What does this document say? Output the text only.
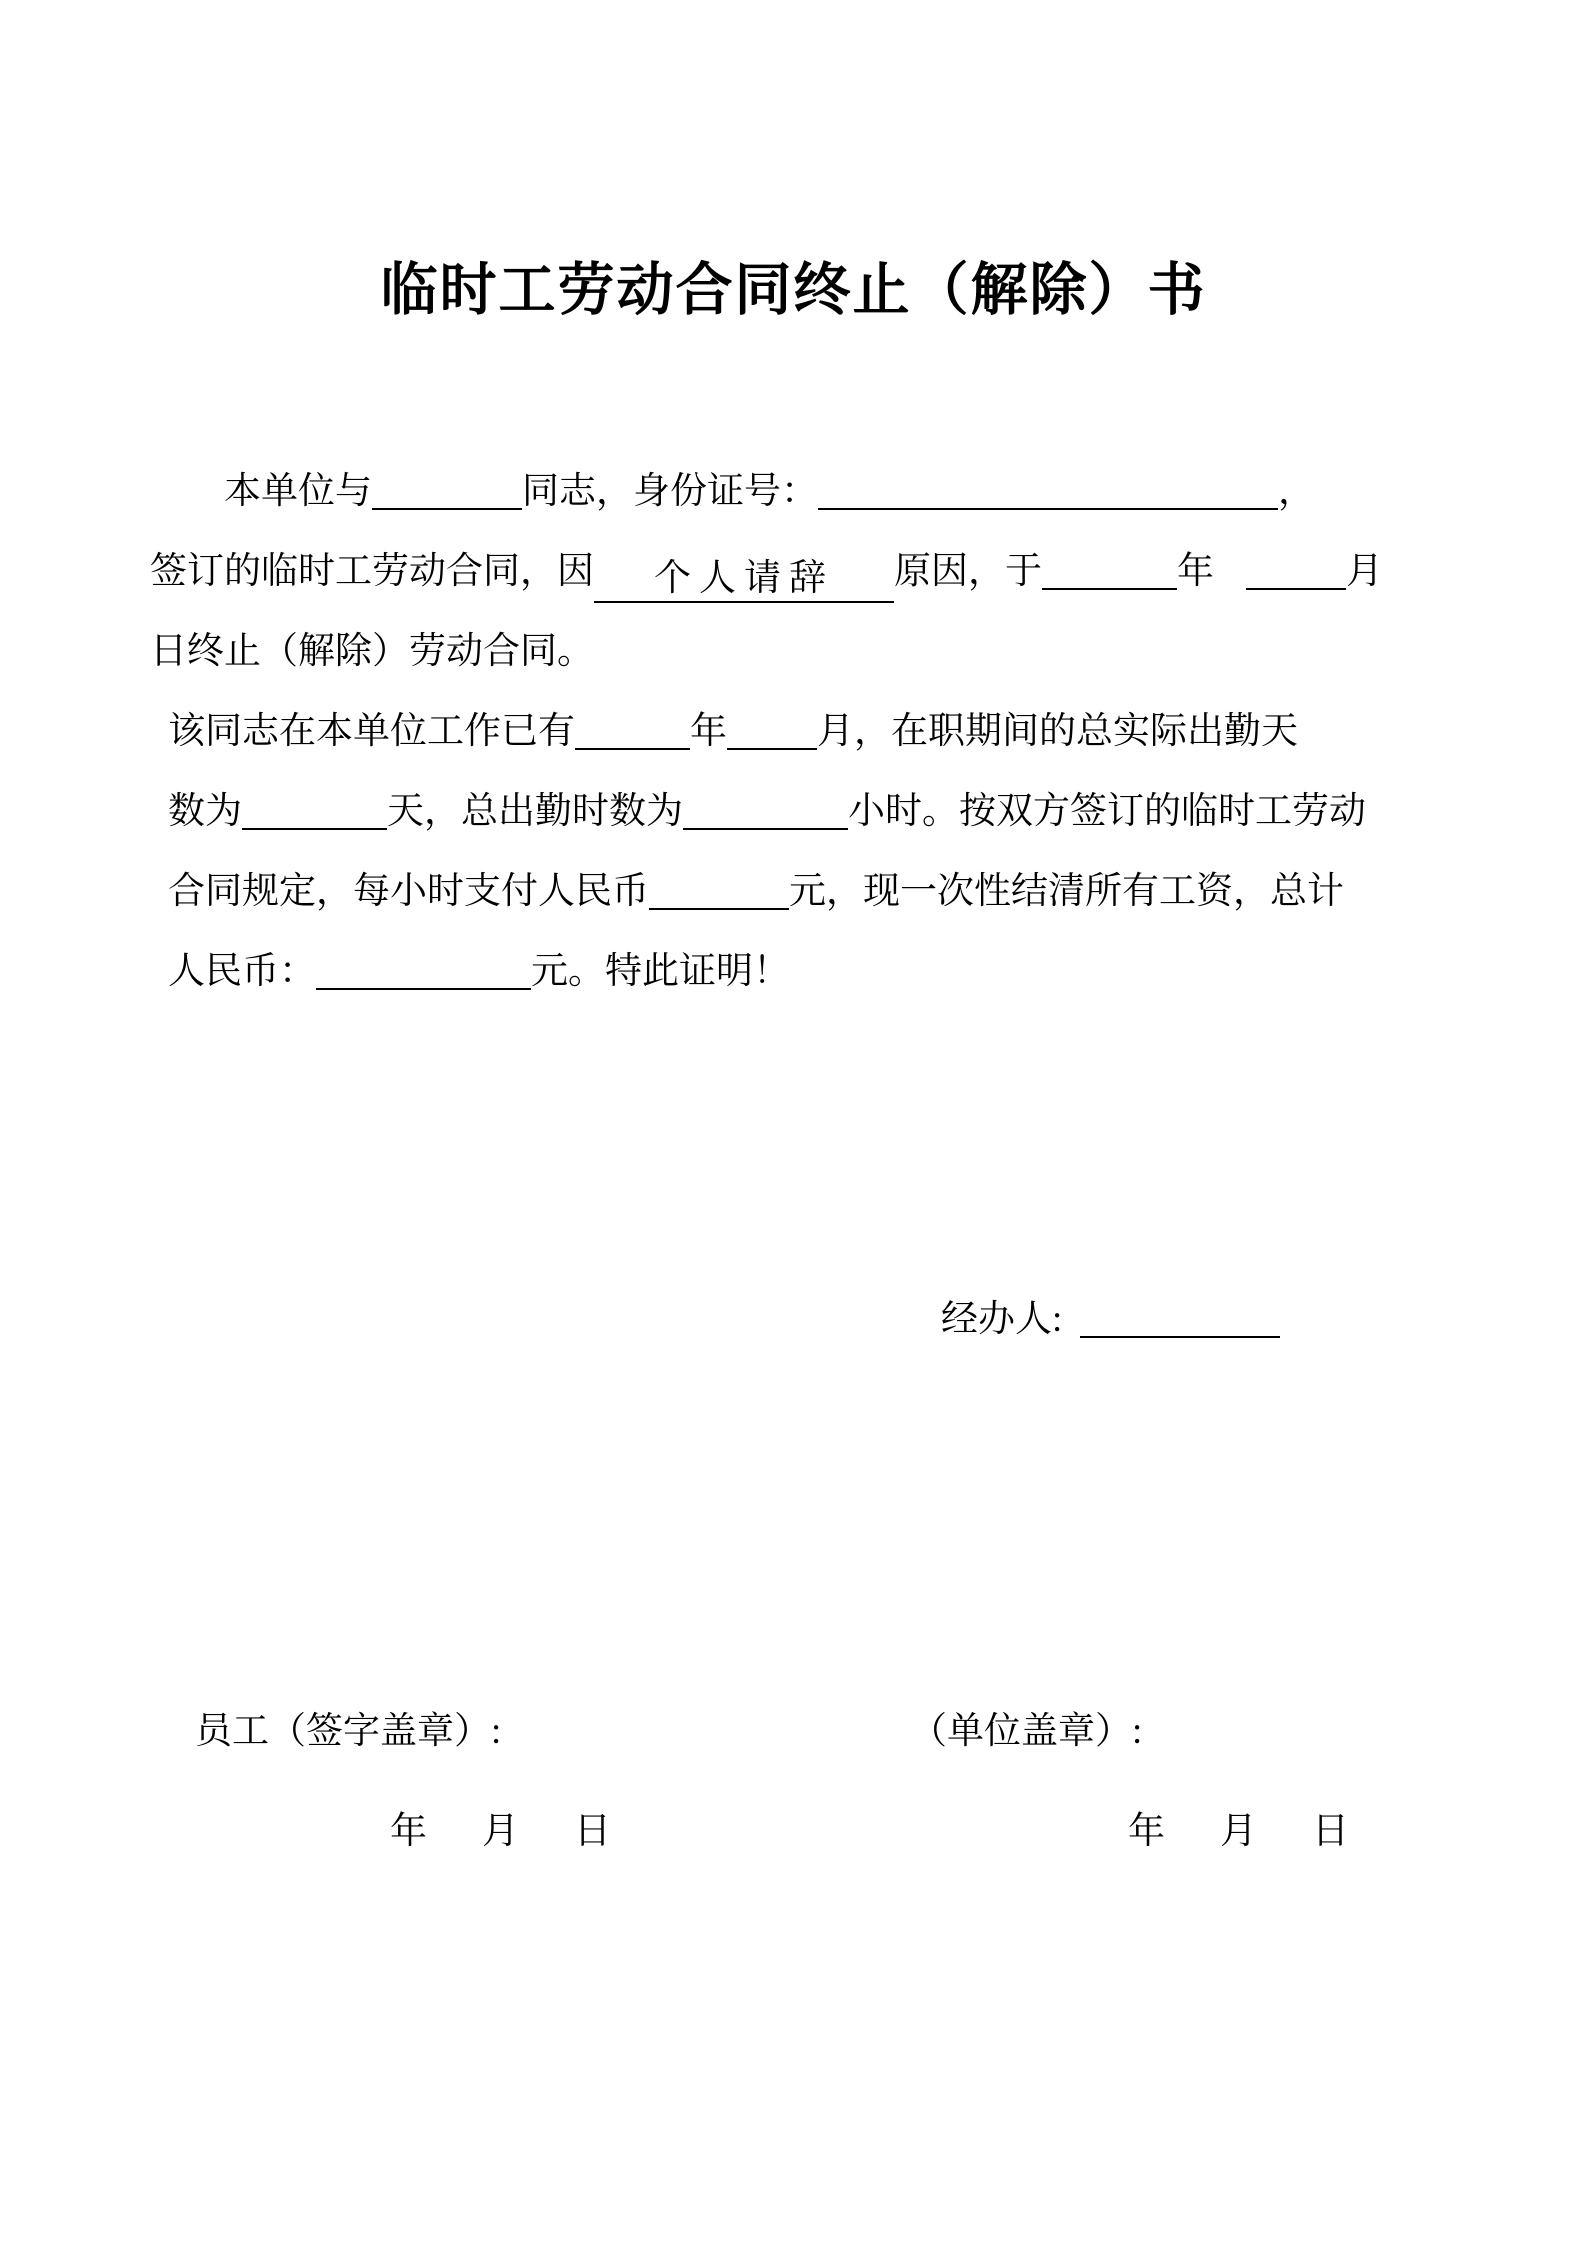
临时工劳动合同终止（解除）书
本单位与	同志，身份证号：	，
签订的临时工劳动合同，因 个人请辞 原因，于	年	月
日终止（解除）劳动合同。
该同志在本单位工作已有	年 月，在职期间的总实际出勤天
数为	天，总出勤时数为	小时。按双方签订的临时工劳动
合同规定，每小时支付人民币	元，现一次性结清所有工资，总计
人民币：	元。特此证明！
经办人:
员工（签字盖章）:	（单位盖章）:
年 月 日	年 月 日
